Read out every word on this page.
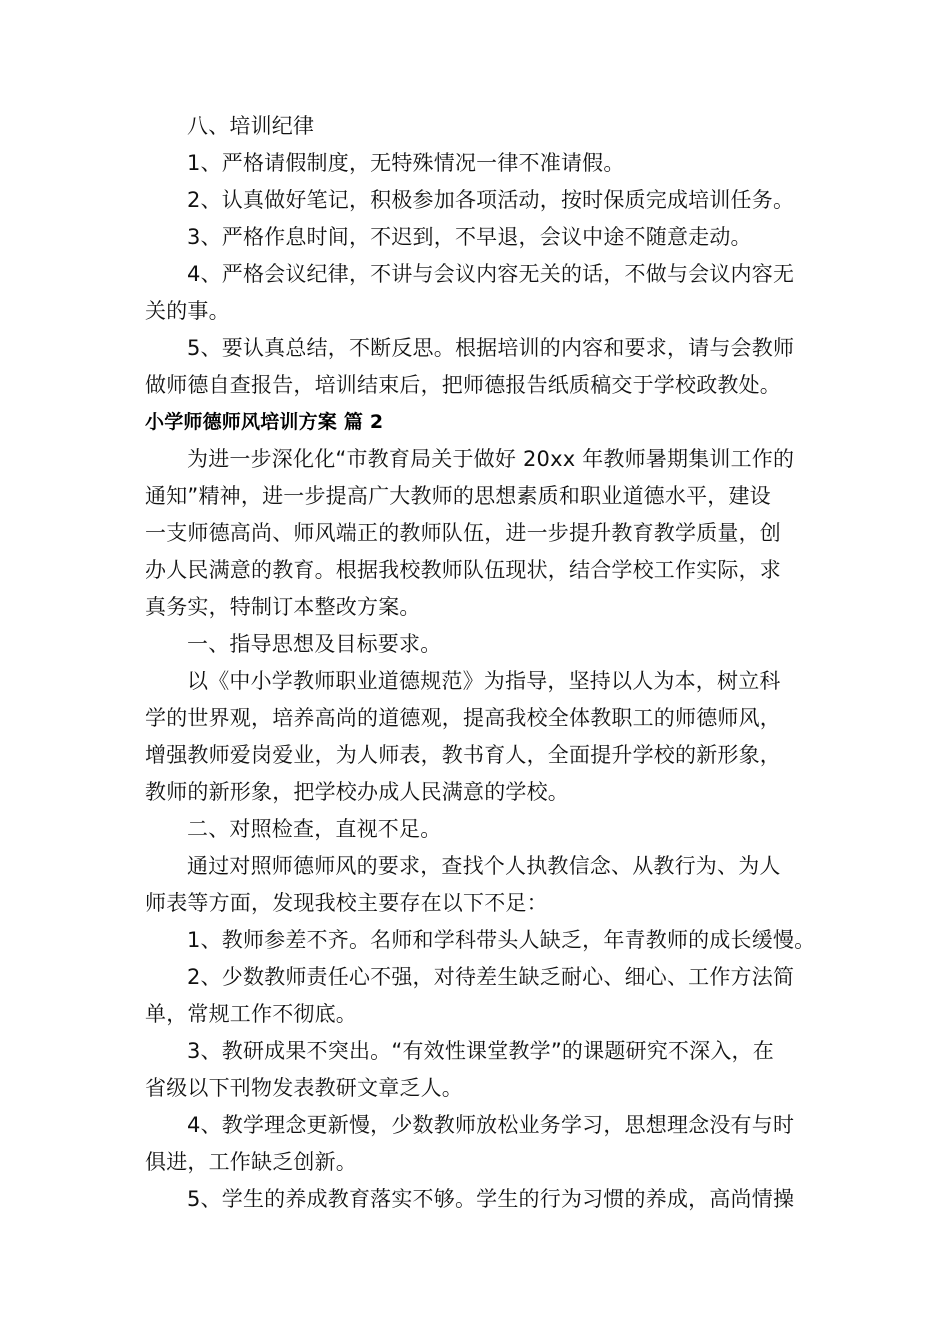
八、培训纪律
1、严格请假制度，无特殊情况一律不准请假。
2、认真做好笔记，积极参加各项活动，按时保质完成培训任务。
3、严格作息时间，不迟到，不早退，会议中途不随意走动。
4、严格会议纪律，不讲与会议内容无关的话，不做与会议内容无
关的事。
5、要认真总结，不断反思。根据培训的内容和要求，请与会教师
做师德自查报告，培训结束后，把师德报告纸质稿交于学校政教处。
小学师德师风培训方案 篇 2
为进一步深化化“市教育局关于做好 20xx 年教师暑期集训工作的
通知”精神，进一步提高广大教师的思想素质和职业道德水平，建设
一支师德高尚、师风端正的教师队伍，进一步提升教育教学质量，创
办人民满意的教育。根据我校教师队伍现状，结合学校工作实际，求
真务实，特制订本整改方案。
一、指导思想及目标要求。
以《中小学教师职业道德规范》为指导，坚持以人为本，树立科
学的世界观，培养高尚的道德观，提高我校全体教职工的师德师风，
增强教师爱岗爱业，为人师表，教书育人，全面提升学校的新形象，
教师的新形象，把学校办成人民满意的学校。
二、对照检查，直视不足。
通过对照师德师风的要求，查找个人执教信念、从教行为、为人
师表等方面，发现我校主要存在以下不足：
1、教师参差不齐。名师和学科带头人缺乏，年青教师的成长缓慢。
2、少数教师责任心不强，对待差生缺乏耐心、细心、工作方法简
单，常规工作不彻底。
3、教研成果不突出。“有效性课堂教学”的课题研究不深入，在
省级以下刊物发表教研文章乏人。
4、教学理念更新慢，少数教师放松业务学习，思想理念没有与时
俱进，工作缺乏创新。
5、学生的养成教育落实不够。学生的行为习惯的养成，高尚情操
